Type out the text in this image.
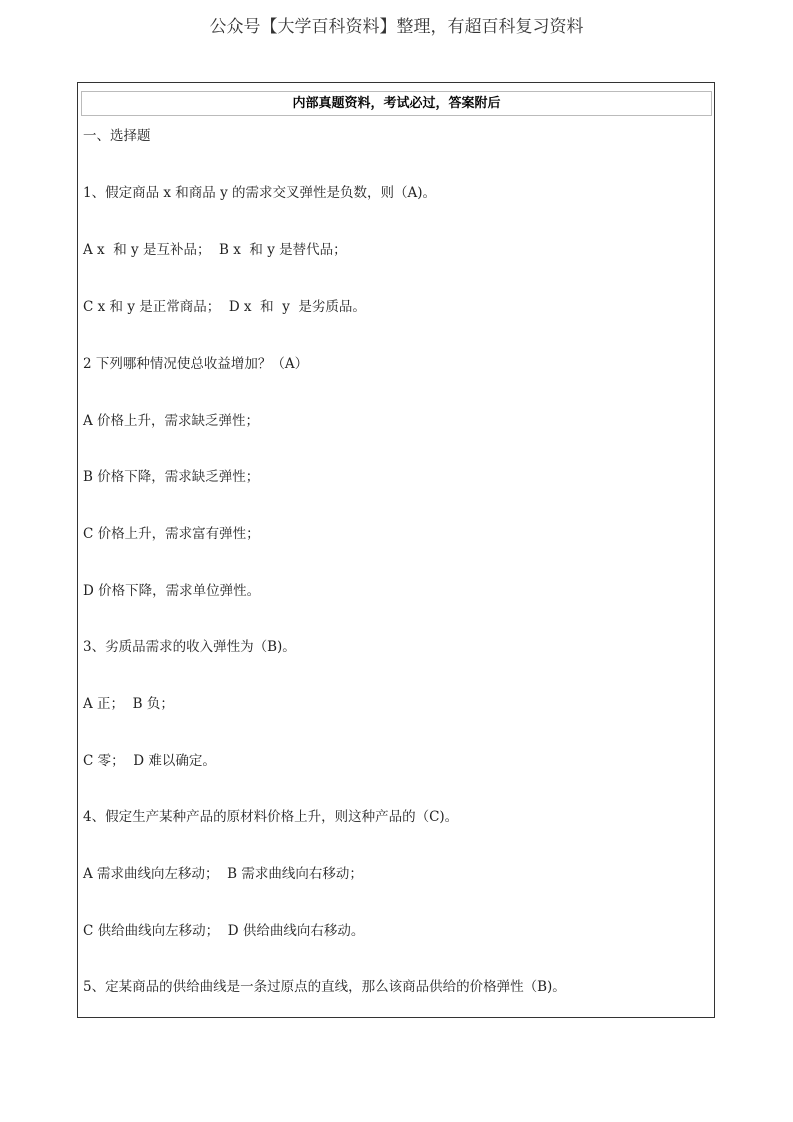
公众号【大学百科资料】整理，有超百科复习资料
内部真题资料，考试必过，答案附后
一、选择题
1、假定商品 x 和商品 y 的需求交叉弹性是负数，则（A)。
A x  和 y 是互补品；  B x  和 y 是替代品；
C x 和 y 是正常商品；  D x  和  y  是劣质品。
2 下列哪种情况使总收益增加？（A）
A 价格上升，需求缺乏弹性；
B 价格下降，需求缺乏弹性；
C 价格上升，需求富有弹性；
D 价格下降，需求单位弹性。
3、劣质品需求的收入弹性为（B)。
A 正；  B 负；
C 零；  D 难以确定。
4、假定生产某种产品的原材料价格上升，则这种产品的（C)。
A 需求曲线向左移动；  B 需求曲线向右移动；
C 供给曲线向左移动；  D 供给曲线向右移动。
5、定某商品的供给曲线是一条过原点的直线，那么该商品供给的价格弹性（B)。
